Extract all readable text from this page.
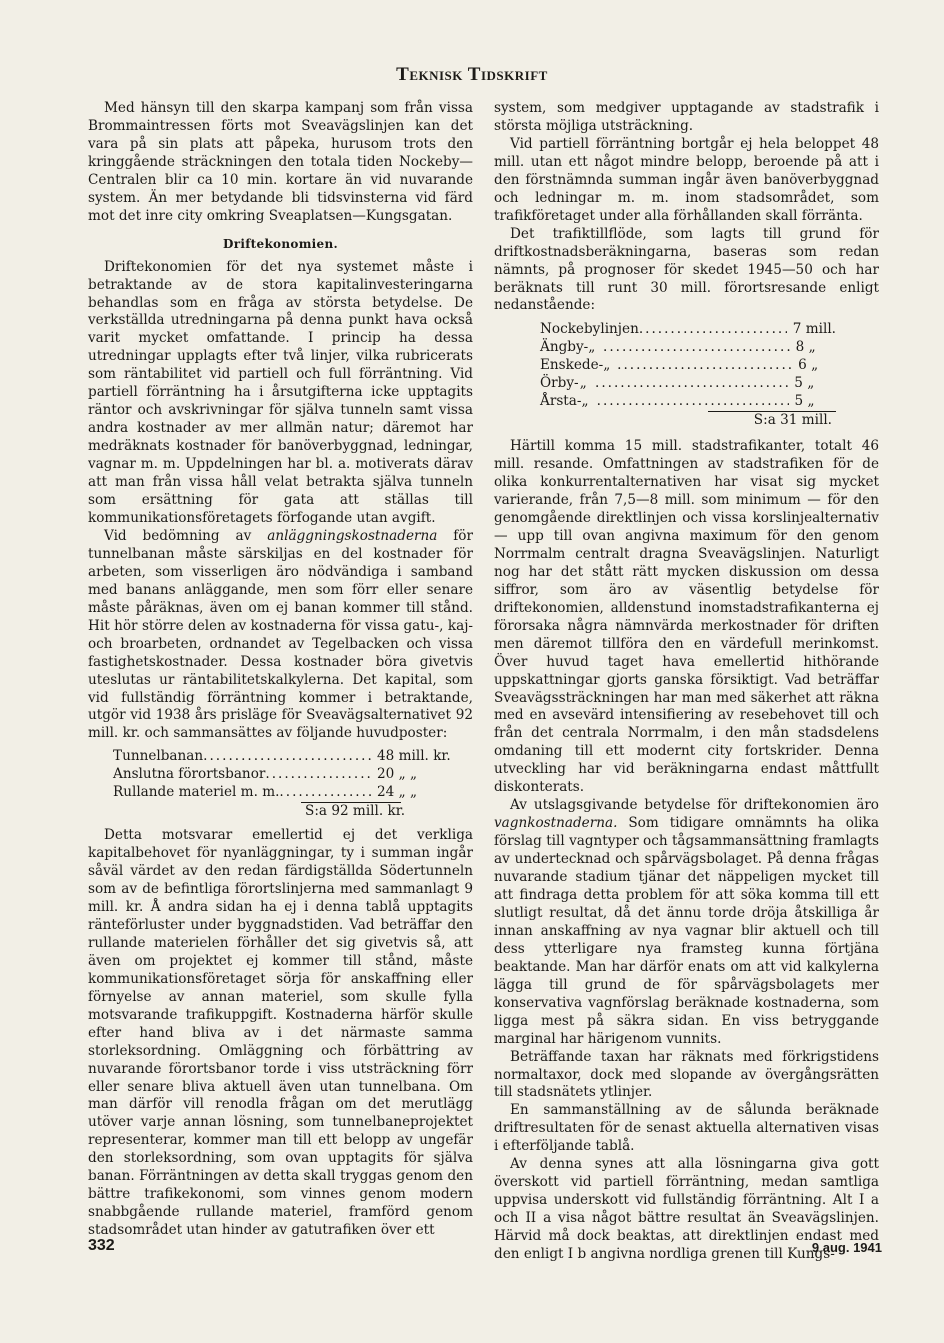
Teknisk Tidskrift

Med hänsyn till den skarpa kampanj som från vissa Brommaintressen förts mot Sveavägslinjen kan det vara på sin plats att påpeka, hurusom trots den kringgående sträckningen den totala tiden Nockeby—Centralen blir ca 10 min. kortare än vid nuvarande system. Än mer betydande bli tidsvinsterna vid färd mot det inre city omkring Sveaplatsen—Kungsgatan.

Driftekonomien.

Driftekonomien för det nya systemet måste i betraktande av de stora kapitalinvesteringarna behandlas som en fråga av största betydelse. De verkställda utredningarna på denna punkt hava också varit mycket omfattande. I princip ha dessa utredningar upplagts efter två linjer, vilka rubricerats som räntabilitet vid partiell och full förräntning. Vid partiell förräntning ha i årsutgifterna icke upptagits räntor och avskrivningar för själva tunneln samt vissa andra kostnader av mer allmän natur; däremot har medräknats kostnader för banöverbyggnad, ledningar, vagnar m. m. Uppdelningen har bl. a. motiverats därav att man från vissa håll velat betrakta själva tunneln som ersättning för gata att ställas till kommunikationsföretagets förfogande utan avgift.

Vid bedömning av anläggningskostnaderna för tunnelbanan måste särskiljas en del kostnader för arbeten, som visserligen äro nödvändiga i samband med banans anläggande, men som förr eller senare måste påräknas, även om ej banan kommer till stånd. Hit hör större delen av kostnaderna för vissa gatu-, kaj- och broarbeten, ordnandet av Tegelbacken och vissa fastighetskostnader. Dessa kostnader böra givetvis uteslutas ur räntabilitetskalkylerna. Det kapital, som vid fullständig förräntning kommer i betraktande, utgör vid 1938 års prisläge för Sveavägsalternativet 92 mill. kr. och sammansättes av följande huvudposter:

Tunnelbanan .....	48 mill. kr.
Anslutna förortsbanor .....	20 „ „
Rullande materiel m. m. .....	24 „ „
S:a 92 mill. kr.

Detta motsvarar emellertid ej det verkliga kapitalbehovet för nyanläggningar, ty i summan ingår såväl värdet av den redan färdigställda Södertunneln som av de befintliga förortslinjerna med sammanlagt 9 mill. kr. Å andra sidan ha ej i denna tablå upptagits ränteförluster under byggnadstiden. Vad beträffar den rullande materielen förhåller det sig givetvis så, att även om projektet ej kommer till stånd, måste kommunikationsföretaget sörja för anskaffning eller förnyelse av annan materiel, som skulle fylla motsvarande trafikuppgift. Kostnaderna härför skulle efter hand bliva av i det närmaste samma storleksordning. Omläggning och förbättring av nuvarande förortsbanor torde i viss utsträckning förr eller senare bliva aktuell även utan tunnelbana. Om man därför vill renodla frågan om det merutlägg utöver varje annan lösning, som tunnelbaneprojektet representerar, kommer man till ett belopp av ungefär den storleksordning, som ovan upptagits för själva banan. Förräntningen av detta skall tryggas genom den bättre trafikekonomi, som vinnes genom modern snabbgående rullande materiel, framförd genom stadsområdet utan hinder av gatutrafiken över ett

system, som medgiver upptagande av stadstrafik i största möjliga utsträckning.

Vid partiell förräntning bortgår ej hela beloppet 48 mill. utan ett något mindre belopp, beroende på att i den förstnämnda summan ingår även banöverbyggnad och ledningar m. m. inom stadsområdet, som trafikföretaget under alla förhållanden skall förränta.

Det trafiktillflöde, som lagts till grund för driftkostnadsberäkningarna, baseras som redan nämnts, på prognoser för skedet 1945—50 och har beräknats till runt 30 mill. förortsresande enligt nedanstående:

Nockebylinjen .....	7 mill.
Ängby- „ .....	8 „
Enskede- „ .....	6 „
Örby- „ .....	5 „
Årsta- „ .....	5 „
S:a 31 mill.

Härtill komma 15 mill. stadstrafikanter, totalt 46 mill. resande. Omfattningen av stadstrafiken för de olika konkurrentalternativen har visat sig mycket varierande, från 7,5—8 mill. som minimum — för den genomgående direktlinjen och vissa korslinjealternativ — upp till ovan angivna maximum för den genom Norrmalm centralt dragna Sveavägslinjen. Naturligt nog har det stått rätt mycken diskussion om dessa siffror, som äro av väsentlig betydelse för driftekonomien, alldenstund inomstadstrafikanterna ej förorsaka några nämnvärda merkostnader för driften men däremot tillföra den en värdefull merinkomst. Över huvud taget hava emellertid hithörande uppskattningar gjorts ganska försiktigt. Vad beträffar Sveavägssträckningen har man med säkerhet att räkna med en avsevärd intensifiering av resebehovet till och från det centrala Norrmalm, i den mån stadsdelens omdaning till ett modernt city fortskrider. Denna utveckling har vid beräkningarna endast måttfullt diskonterats.

Av utslagsgivande betydelse för driftekonomien äro vagnkostnaderna. Som tidigare omnämnts ha olika förslag till vagntyper och tågsammansättning framlagts av undertecknad och spårvägsbolaget. På denna frågas nuvarande stadium tjänar det näppeligen mycket till att findraga detta problem för att söka komma till ett slutligt resultat, då det ännu torde dröja åtskilliga år innan anskaffning av nya vagnar blir aktuell och till dess ytterligare nya framsteg kunna förtjäna beaktande. Man har därför enats om att vid kalkylerna lägga till grund de för spårvägsbolagets mer konservativa vagnförslag beräknade kostnaderna, som ligga mest på säkra sidan. En viss betryggande marginal har härigenom vunnits.

Beträffande taxan har räknats med förkrigstidens normaltaxor, dock med slopande av övergångsrätten till stadsnätets ytlinjer.

En sammanställning av de sålunda beräknade driftresultaten för de senast aktuella alternativen visas i efterföljande tablå.

Av denna synes att alla lösningarna giva gott överskott vid partiell förräntning, medan samtliga uppvisa underskott vid fullständig förräntning. Alt I a och II a visa något bättre resultat än Sveavägslinjen. Härvid må dock beaktas, att direktlinjen endast med den enligt I b angivna nordliga grenen till Kungs-

332	9 aug. 1941
